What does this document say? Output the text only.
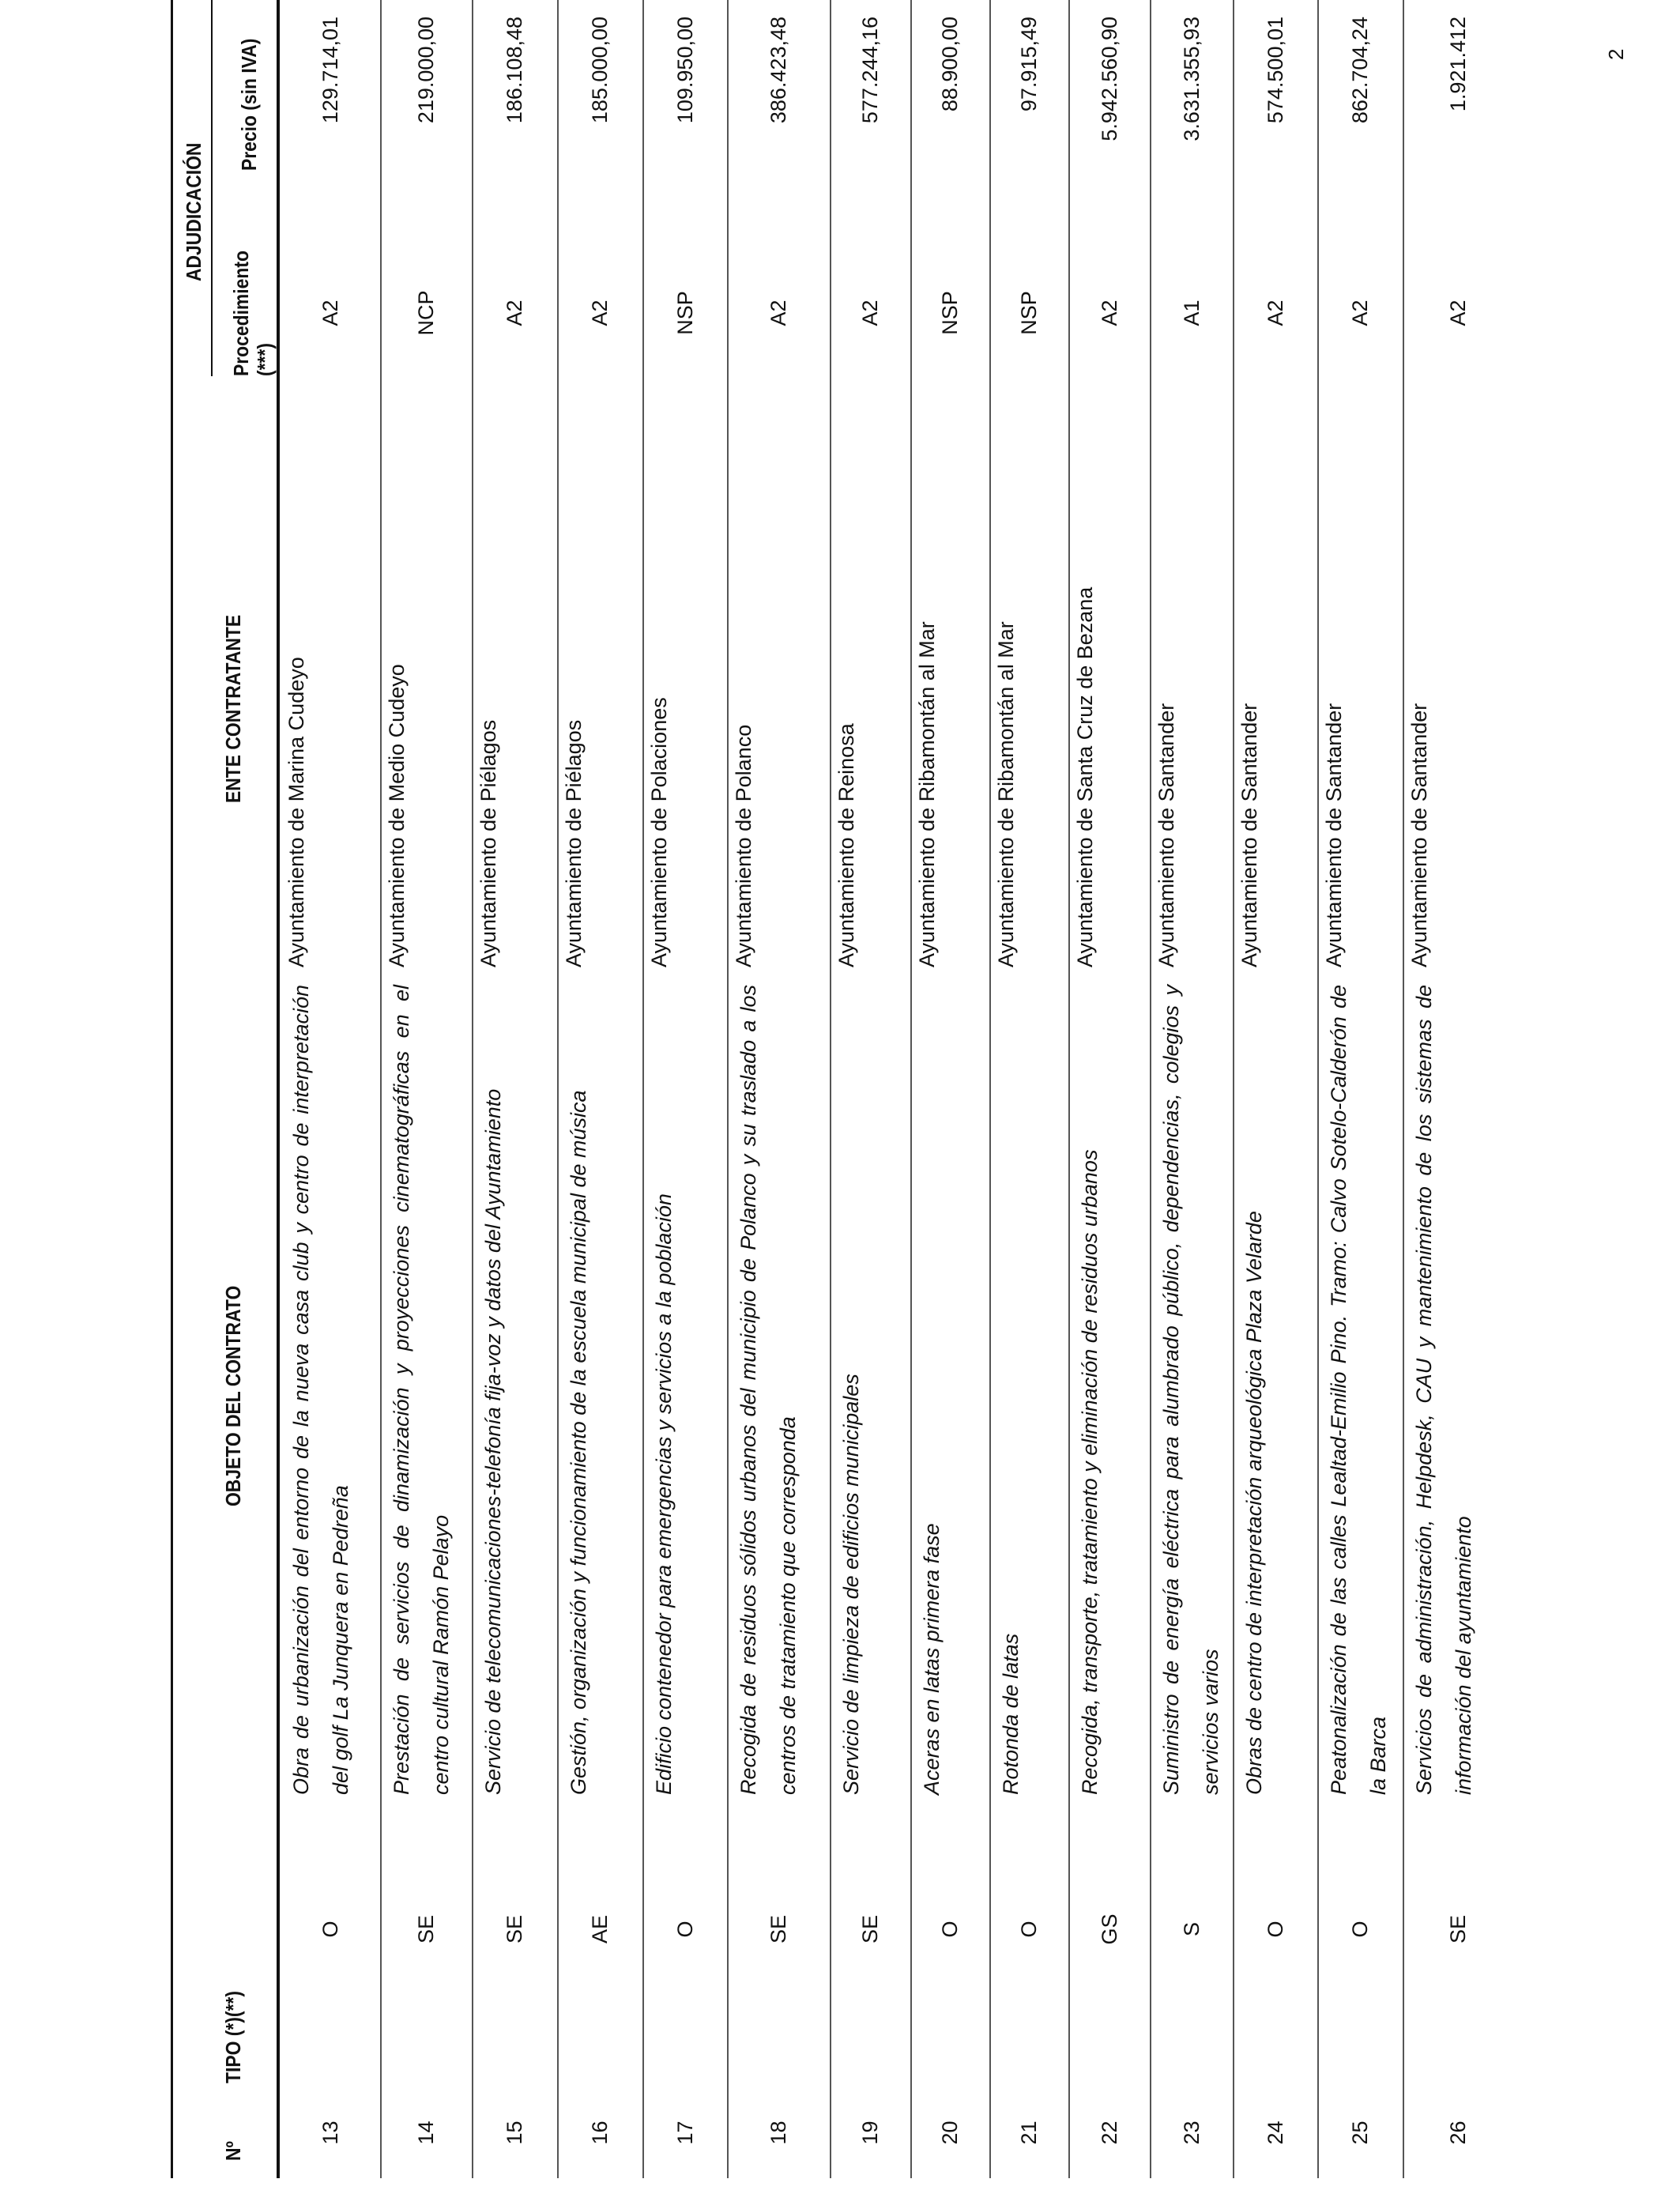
Nº
TIPO (*)(**)
OBJETO DEL CONTRATO
ENTE CONTRATANTE
ADJUDICACIÓN
Procedimiento (***)
Precio (sin IVA)
13
O
Obra de urbanización del entorno de la nueva casa club y centro de interpretación del golf La Junquera en Pedreña
Ayuntamiento de Marina Cudeyo
A2
129.714,01
14
SE
Prestación de servicios de dinamización y proyecciones cinematográficas en el centro cultural Ramón Pelayo
Ayuntamiento de Medio Cudeyo
NCP
219.000,00
15
SE
Servicio de telecomunicaciones-telefonía fija-voz y datos del Ayuntamiento
Ayuntamiento de Piélagos
A2
186.108,48
16
AE
Gestión, organización y funcionamiento de la escuela municipal de música
Ayuntamiento de Piélagos
A2
185.000,00
17
O
Edificio contenedor para emergencias y servicios a la población
Ayuntamiento de Polaciones
NSP
109.950,00
18
SE
Recogida de residuos sólidos urbanos del municipio de Polanco y su traslado a los centros de tratamiento que corresponda
Ayuntamiento de Polanco
A2
386.423,48
19
SE
Servicio de limpieza de edificios municipales
Ayuntamiento de Reinosa
A2
577.244,16
20
O
Aceras en latas primera fase
Ayuntamiento de Ribamontán al Mar
NSP
88.900,00
21
O
Rotonda de latas
Ayuntamiento de Ribamontán al Mar
NSP
97.915,49
22
GS
Recogida, transporte, tratamiento y eliminación de residuos urbanos
Ayuntamiento de Santa Cruz de Bezana
A2
5.942.560,90
23
S
Suministro de energía eléctrica para alumbrado público, dependencias, colegios y servicios varios
Ayuntamiento de Santander
A1
3.631.355,93
24
O
Obras de centro de interpretación arqueológica Plaza Velarde
Ayuntamiento de Santander
A2
574.500,01
25
O
Peatonalización de las calles Lealtad-Emilio Pino. Tramo: Calvo Sotelo-Calderón de la Barca
Ayuntamiento de Santander
A2
862.704,24
26
SE
Servicios de administración, Helpdesk, CAU y mantenimiento de los sistemas de información del ayuntamiento
Ayuntamiento de Santander
A2
1.921.412	2
